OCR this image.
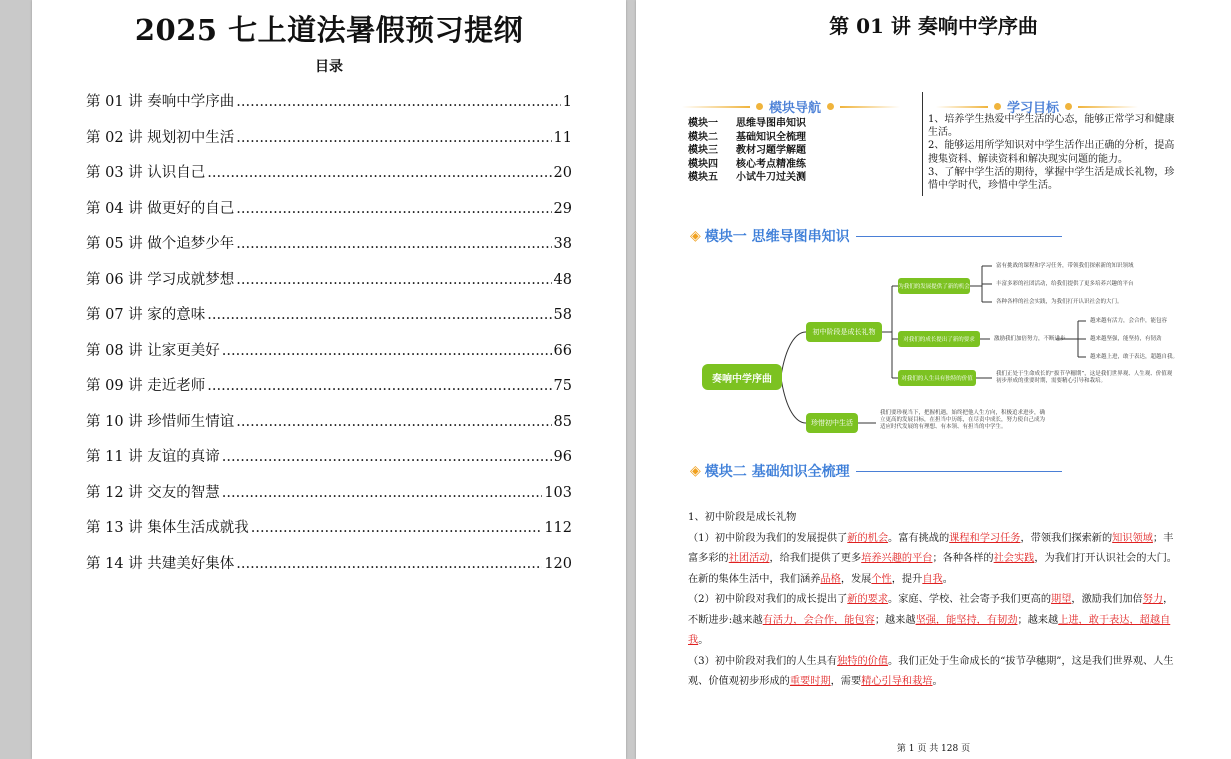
2025 七上道法暑假预习提纲
目录
第 01 讲 奏响中学序曲 .....	1
第 02 讲 规划初中生活 .....	11
第 03 讲 认识自己 .....	20
第 04 讲 做更好的自己 .....	29
第 05 讲 做个追梦少年 .....	38
第 06 讲 学习成就梦想 .....	48
第 07 讲 家的意味 .....	58
第 08 讲 让家更美好 .....	66
第 09 讲 走近老师 .....	75
第 10 讲 珍惜师生情谊 .....	85
第 11 讲 友谊的真谛 .....	96
第 12 讲 交友的智慧 .....	103
第 13 讲 集体生活成就我 .....	112
第 14 讲 共建美好集体 .....	120
第 01 讲 奏响中学序曲
模块导航
模块一 思维导图串知识
模块二 基础知识全梳理
模块三 教材习题学解题
模块四 核心考点精准练
模块五 小试牛刀过关测
学习目标

1、培养学生热爱中学生活的心态，能够正常学习和健康生活。

2、能够运用所学知识对中学生活作出正确的分析，提高搜集资料、解读资料和解决现实问题的能力。

3、了解中学生活的期待，掌握中学生活是成长礼物，珍惜中学时代，珍惜中学生活。

◈ 模块一 思维导图串知识
奏响中学序曲
初中阶段是成长礼物
珍惜初中生活
为我们的发展提供了新的机会
对我们的成长提出了新的要求
对我们的人生具有独特的价值
富有挑战的课程和学习任务，带领我们探索新的知识领域
丰富多彩的社团活动，给我们提供了更多培养兴趣的平台
各种各样的社会实践，为我们打开认识社会的大门。
激励我们加倍努力，不断进步
越来越有活力，会合作，能包容
越来越坚强，能坚持，有韧劲
越来越上进，敢于表达，超越自我。
我们正处于生命成长的“拔节孕穗期”，这是我们世界观、人生观、价值观初步形成的重要时期，需要精心引导和栽培。
我们要珍视当下，把握机遇，始终把他人生方向，积极追求进步，确立更高的发展目标，在担当中历练，在尽责中成长，努力使自己成为适应时代发展的有理想、有本领、有担当的中学生。
◈ 模块二 基础知识全梳理

1、初中阶段是成长礼物

（1）初中阶段为我们的发展提供了新的机会。富有挑战的课程和学习任务，带领我们探索新的知识领域；丰富多彩的社团活动，给我们提供了更多培养兴趣的平台；各种各样的社会实践，为我们打开认识社会的大门。在新的集体生活中，我们涵养品格，发展个性，提升自我。

（2）初中阶段对我们的成长提出了新的要求。家庭、学校、社会寄予我们更高的期望，激励我们加倍努力，不断进步:越来越有活力，会合作，能包容；越来越坚强，能坚持，有韧劲；越来越上进，敢于表达，超越自我。

（3）初中阶段对我们的人生具有独特的价值。我们正处于生命成长的“拔节孕穗期”，这是我们世界观、人生观、价值观初步形成的重要时期，需要精心引导和栽培。

第 1 页 共 128 页
